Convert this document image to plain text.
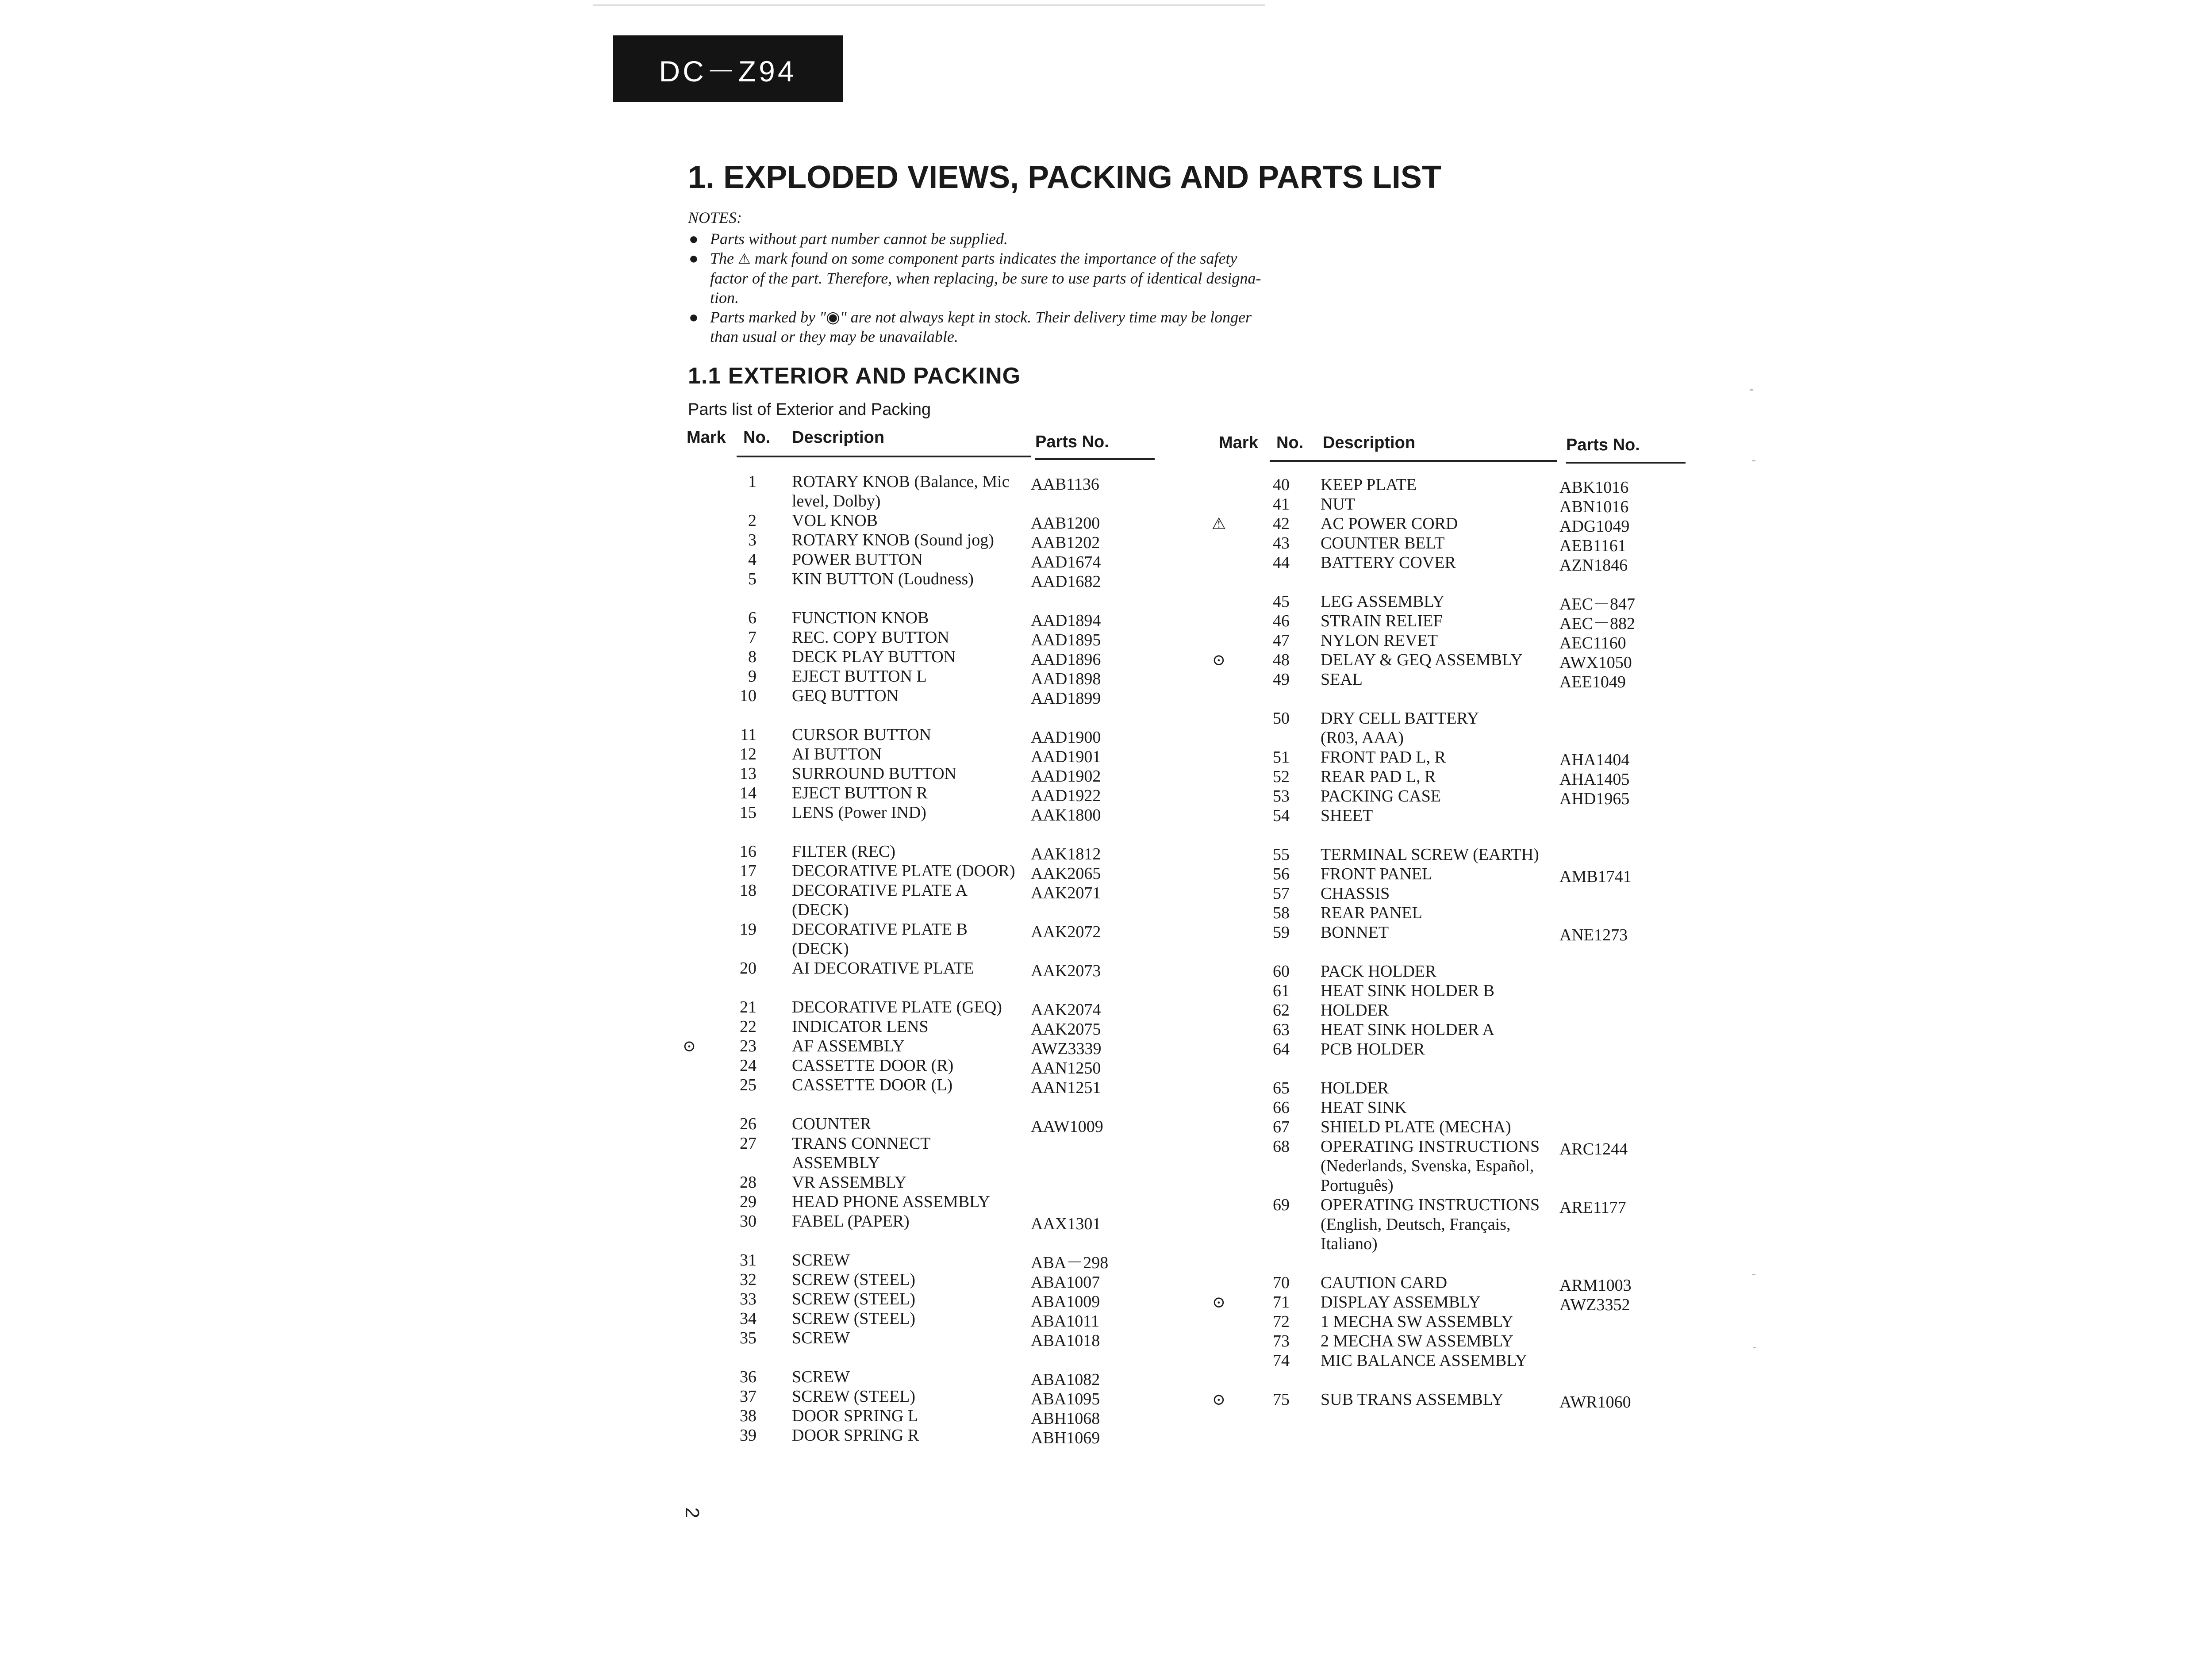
DC－Z94
1. EXPLODED VIEWS, PACKING AND PARTS LIST
NOTES:
● Parts without part number cannot be supplied.
● The ⚠ mark found on some component parts indicates the importance of the safety
factor of the part. Therefore, when replacing, be sure to use parts of identical designa-
tion.
● Parts marked by "◉" are not always kept in stock. Their delivery time may be longer
than usual or they may be unavailable.
1.1 EXTERIOR AND PACKING
Parts list of Exterior and Packing
Mark No. Description	Parts No.	Mark No. Description	Parts No.
1 ROTARY KNOB (Balance, Mic
level, Dolby)
AAB1136
2 VOL KNOB	AAB1200
3 ROTARY KNOB (Sound jog) AAB1202
4 POWER BUTTON	AAD1674
5 KIN BUTTON (Loudness)	AAD1682
6 FUNCTION KNOB	AAD1894
7 REC. COPY BUTTON	AAD1895
8 DECK PLAY BUTTON	AAD1896
9 EJECT BUTTON L	AAD1898
10 GEQ BUTTON	AAD1899
11 CURSOR BUTTON	AAD1900
12 AI BUTTON	AAD1901
13 SURROUND BUTTON	AAD1902
14 EJECT BUTTON R	AAD1922
15 LENS (Power IND)	AAK1800
16 FILTER (REC)	AAK1812
17 DECORATIVE PLATE (DOOR) AAK2065
18 DECORATIVE PLATE A
(DECK)
AAK2071
19 DECORATIVE PLATE B
(DECK)
AAK2072
20 AI DECORATIVE PLATE	AAK2073
21 DECORATIVE PLATE (GEQ) AAK2074
22 INDICATOR LENS	AAK2075
⊙	23 AF ASSEMBLY	AWZ3339
24 CASSETTE DOOR (R)	AAN1250
25 CASSETTE DOOR (L)	AAN1251
26 COUNTER	AAW1009
27 TRANS CONNECT
ASSEMBLY
28 VR ASSEMBLY
29 HEAD PHONE ASSEMBLY
30 FABEL (PAPER)	AAX1301
31 SCREW	ABA－298
32 SCREW (STEEL)	ABA1007
33 SCREW (STEEL)	ABA1009
34 SCREW (STEEL)	ABA1011
35 SCREW	ABA1018
36 SCREW	ABA1082
37 SCREW (STEEL)	ABA1095
38 DOOR SPRING L	ABH1068
39 DOOR SPRING R	ABH1069
40 KEEP PLATE	ABK1016
41 NUT	ABN1016
⚠	42 AC POWER CORD	ADG1049
43 COUNTER BELT	AEB1161
44 BATTERY COVER	AZN1846
45 LEG ASSEMBLY	AEC－847
46 STRAIN RELIEF	AEC－882
47 NYLON REVET	AEC1160
⊙	48 DELAY & GEQ ASSEMBLY AWX1050
49 SEAL	AEE1049
50 DRY CELL BATTERY
(R03, AAA)
51 FRONT PAD L, R	AHA1404
52 REAR PAD L, R	AHA1405
53 PACKING CASE	AHD1965
54 SHEET
55 TERMINAL SCREW (EARTH)
56 FRONT PANEL	AMB1741
57 CHASSIS
58 REAR PANEL
59 BONNET	ANE1273
60 PACK HOLDER
61 HEAT SINK HOLDER B
62 HOLDER
63 HEAT SINK HOLDER A
64 PCB HOLDER
65 HOLDER
66 HEAT SINK
67 SHIELD PLATE (MECHA)
68 OPERATING INSTRUCTIONS
(Nederlands, Svenska, Español,
Português)
ARC1244
69 OPERATING INSTRUCTIONS
(English, Deutsch, Français,
Italiano)
ARE1177
70 CAUTION CARD	ARM1003
⊙	71 DISPLAY ASSEMBLY	AWZ3352
72 1 MECHA SW ASSEMBLY
73 2 MECHA SW ASSEMBLY
74 MIC BALANCE ASSEMBLY
⊙	75 SUB TRANS ASSEMBLY	AWR1060
2
